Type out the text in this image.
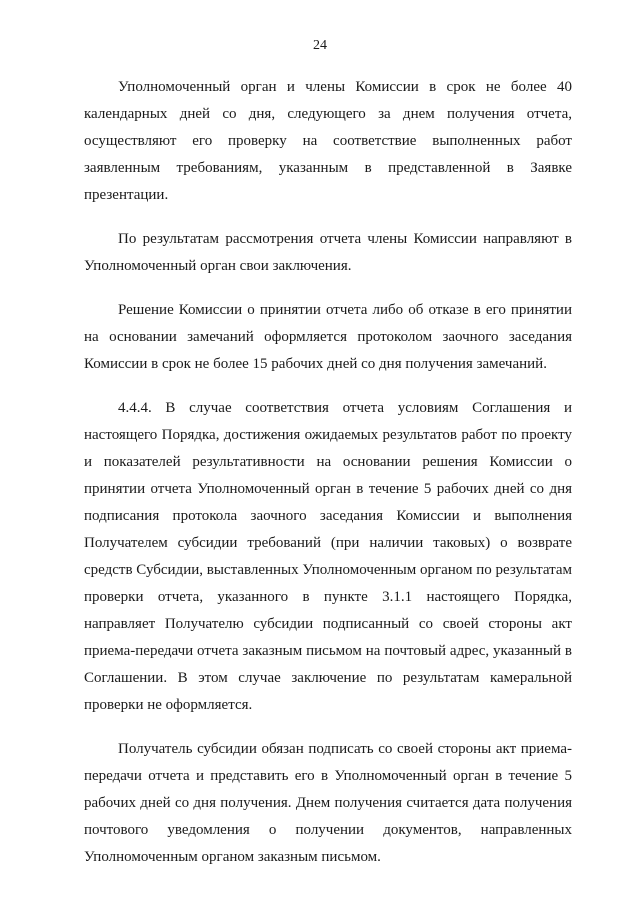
24

Уполномоченный орган и члены Комиссии в срок не более 40 календарных дней со дня, следующего за днем получения отчета, осуществляют его проверку на соответствие выполненных работ заявленным требованиям, указанным в представленной в Заявке презентации.

По результатам рассмотрения отчета члены Комиссии направляют в Уполномоченный орган свои заключения.

Решение Комиссии о принятии отчета либо об отказе в его принятии на основании замечаний оформляется протоколом заочного заседания Комиссии в срок не более 15 рабочих дней со дня получения замечаний.

4.4.4. В случае соответствия отчета условиям Соглашения и настоящего Порядка, достижения ожидаемых результатов работ по проекту и показателей результативности на основании решения Комиссии о принятии отчета Уполномоченный орган в течение 5 рабочих дней со дня подписания протокола заочного заседания Комиссии и выполнения Получателем субсидии требований (при наличии таковых) о возврате средств Субсидии, выставленных Уполномоченным органом по результатам проверки отчета, указанного в пункте 3.1.1 настоящего Порядка, направляет Получателю субсидии подписанный со своей стороны акт приема-передачи отчета заказным письмом на почтовый адрес, указанный в Соглашении. В этом случае заключение по результатам камеральной проверки не оформляется.

Получатель субсидии обязан подписать со своей стороны акт приема-передачи отчета и представить его в Уполномоченный орган в течение 5 рабочих дней со дня получения. Днем получения считается дата получения почтового уведомления о получении документов, направленных Уполномоченным органом заказным письмом.
